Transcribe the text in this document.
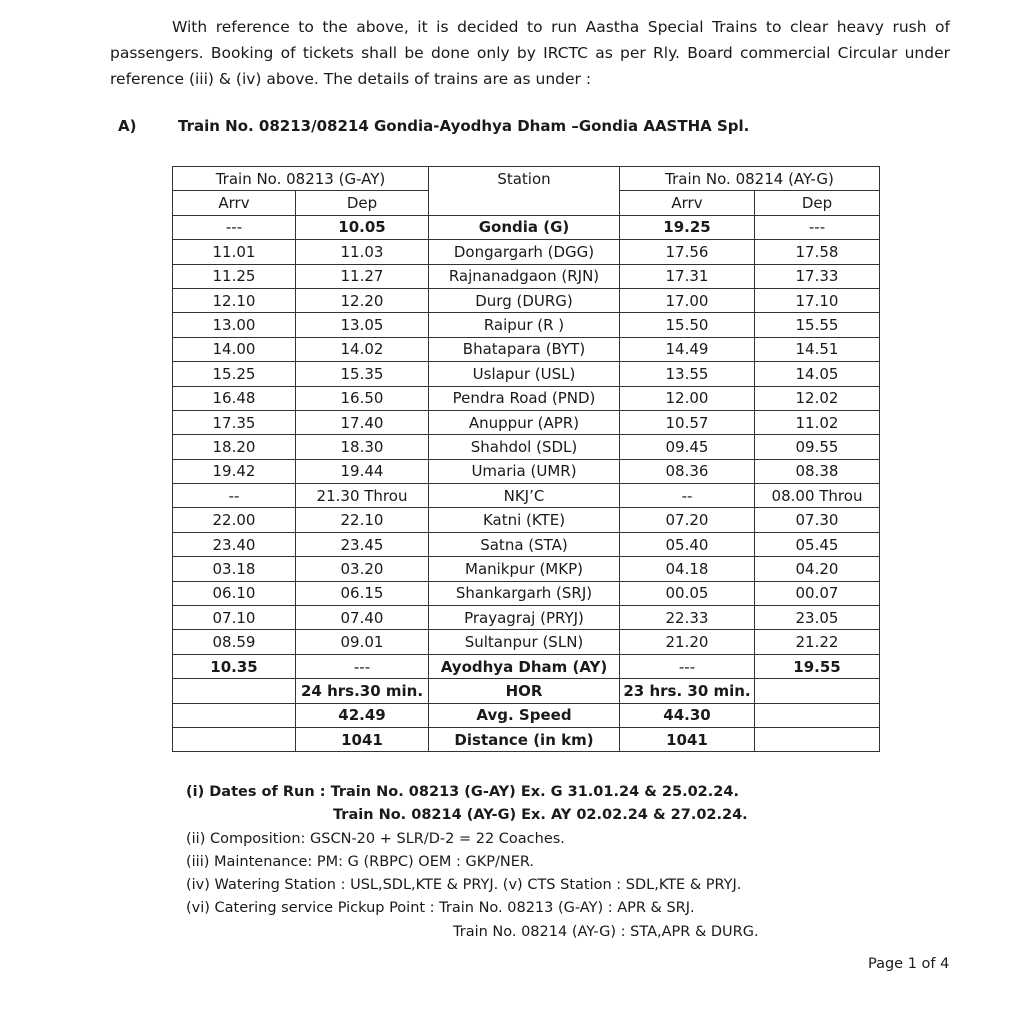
With reference to the above, it is decided to run Aastha Special Trains to clear heavy rush of passengers. Booking of tickets shall be done only by IRCTC as per Rly. Board commercial Circular under reference (iii) & (iv) above. The details of trains are as under :
A)	Train No. 08213/08214 Gondia-Ayodhya Dham –Gondia AASTHA Spl.
Train No. 08213 (G-AY)		Station	Train No. 08214 (AY-G)	
Arrv	Dep		Arrv	Dep
---	10.05	Gondia (G)	19.25	---
11.01	11.03	Dongargarh (DGG)	17.56	17.58
11.25	11.27	Rajnanadgaon (RJN)	17.31	17.33
12.10	12.20	Durg (DURG)	17.00	17.10
13.00	13.05	Raipur (R )	15.50	15.55
14.00	14.02	Bhatapara (BYT)	14.49	14.51
15.25	15.35	Uslapur (USL)	13.55	14.05
16.48	16.50	Pendra Road (PND)	12.00	12.02
17.35	17.40	Anuppur (APR)	10.57	11.02
18.20	18.30	Shahdol (SDL)	09.45	09.55
19.42	19.44	Umaria (UMR)	08.36	08.38
--	21.30 Throu	NKJ’C	--	08.00 Throu
22.00	22.10	Katni (KTE)	07.20	07.30
23.40	23.45	Satna (STA)	05.40	05.45
03.18	03.20	Manikpur (MKP)	04.18	04.20
06.10	06.15	Shankargarh (SRJ)	00.05	00.07
07.10	07.40	Prayagraj (PRYJ)	22.33	23.05
08.59	09.01	Sultanpur (SLN)	21.20	21.22
10.35	---	Ayodhya Dham (AY)	---	19.55
	24 hrs.30 min.	HOR	23 hrs. 30 min.	
	42.49	Avg. Speed	44.30	
	1041	Distance (in km)	1041	
(i) Dates of Run : Train No. 08213 (G-AY) Ex. G 31.01.24 & 25.02.24.
Train No. 08214 (AY-G) Ex. AY 02.02.24 & 27.02.24.
(ii) Composition: GSCN-20 + SLR/D-2 = 22 Coaches.
(iii) Maintenance: PM: G (RBPC) OEM : GKP/NER.
(iv) Watering Station : USL,SDL,KTE & PRYJ. (v) CTS Station : SDL,KTE & PRYJ.
(vi) Catering service Pickup Point : Train No. 08213 (G-AY) : APR & SRJ.
Train No. 08214 (AY-G) : STA,APR & DURG.
Page 1 of 4
